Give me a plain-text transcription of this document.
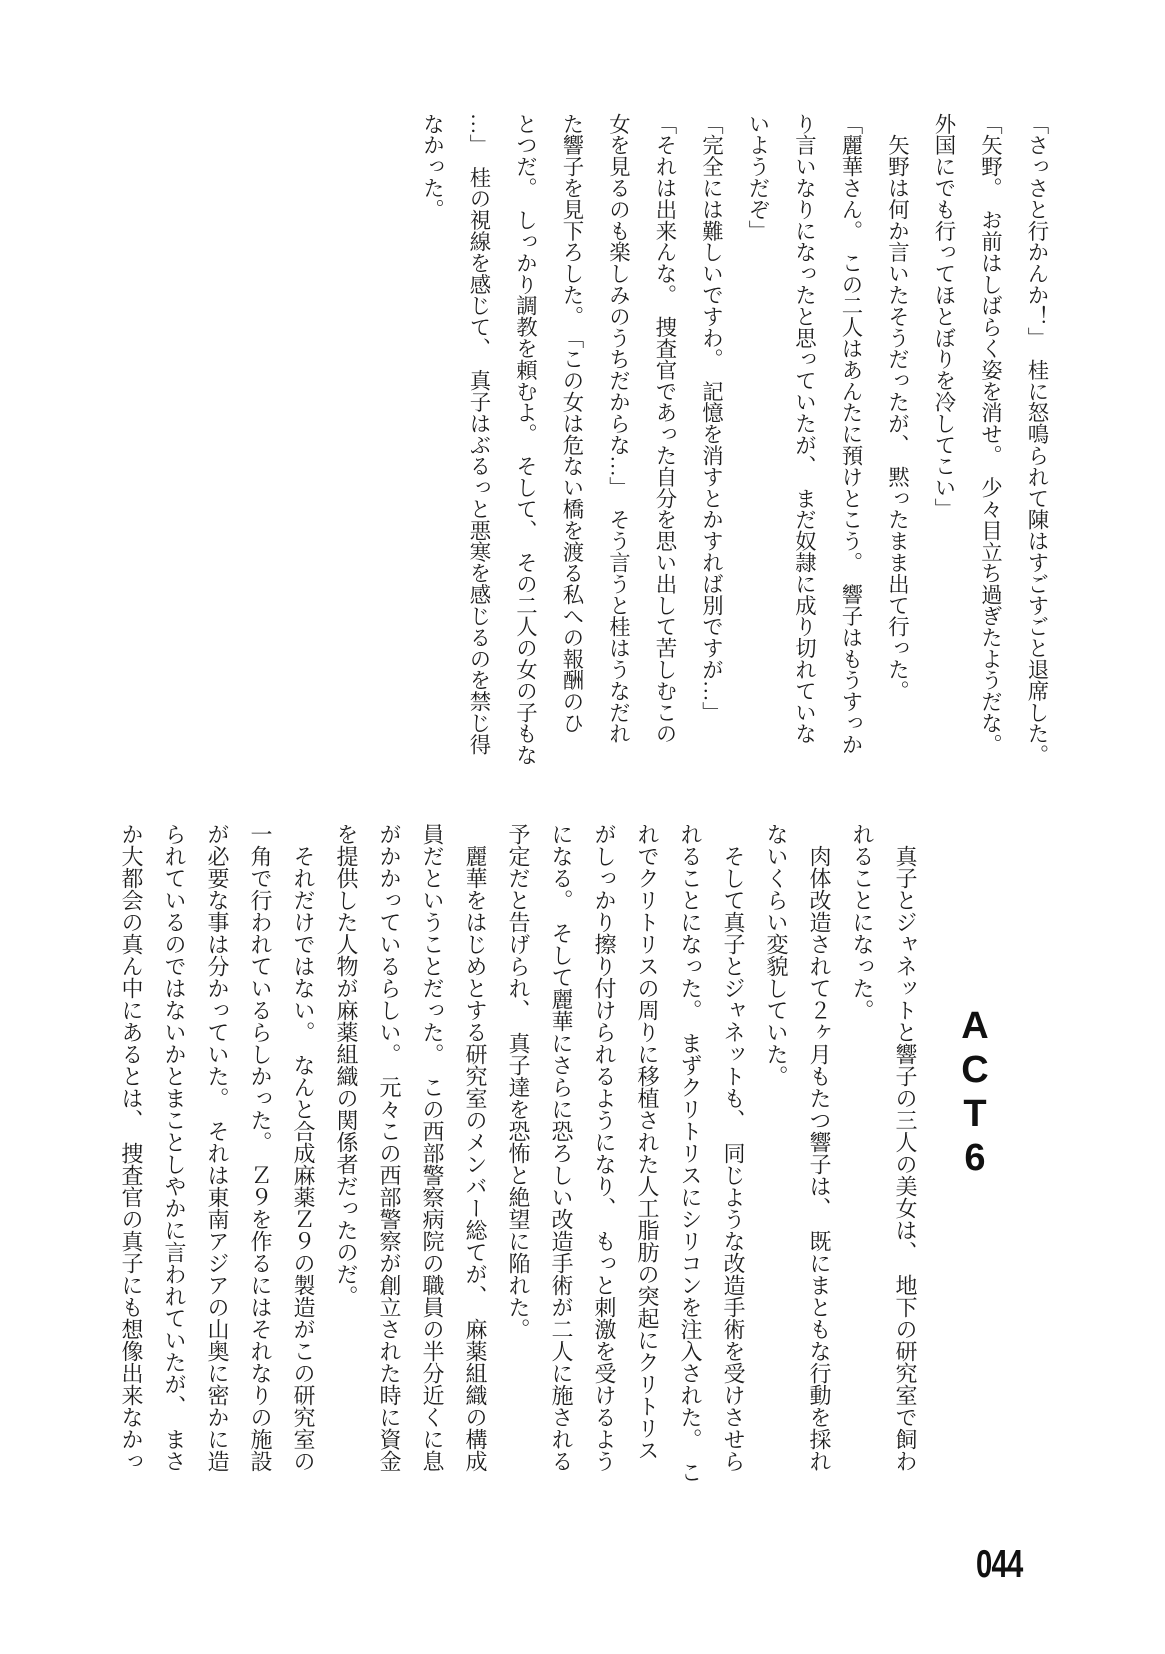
「さっさと行かんか！」　桂に怒鳴られて陳はすごすごと退席した。

「矢野。　お前はしばらく姿を消せ。　少々目立ち過ぎたようだな。

外国にでも行ってほとぼりを冷してこい」

　矢野は何か言いたそうだったが、　黙ったまま出て行った。

「麗華さん。　この二人はあんたに預けとこう。　響子はもうすっか

り言いなりになったと思っていたが、　まだ奴隷に成り切れていな

いようだぞ」

「完全には難しいですわ。　記憶を消すとかすれば別ですが…」

「それは出来んな。　捜査官であった自分を思い出して苦しむこの

女を見るのも楽しみのうちだからな…」　そう言うと桂はうなだれ

た響子を見下ろした。　「この女は危ない橋を渡る私への報酬のひ

とつだ。　しっかり調教を頼むよ。　そして、　その二人の女の子もな

…」　桂の視線を感じて、　真子はぶるっと悪寒を感じるのを禁じ得

なかった。

ACT6

　真子とジャネットと響子の三人の美女は、　地下の研究室で飼わ

れることになった。

　肉体改造されて２ヶ月もたつ響子は、　既にまともな行動を採れ

ないくらい変貌していた。

　そして真子とジャネットも、　同じような改造手術を受けさせら

れることになった。　まずクリトリスにシリコンを注入された。　こ

れでクリトリスの周りに移植された人工脂肪の突起にクリトリス

がしっかり擦り付けられるようになり、　もっと刺激を受けるよう

になる。　そして麗華にさらに恐ろしい改造手術が二人に施される

予定だと告げられ、　真子達を恐怖と絶望に陥れた。

　麗華をはじめとする研究室のメンバー総てが、　麻薬組織の構成

員だということだった。　この西部警察病院の職員の半分近くに息

がかかっているらしい。　元々この西部警察が創立された時に資金

を提供した人物が麻薬組織の関係者だったのだ。

　それだけではない。　なんと合成麻薬Ｚ９の製造がこの研究室の

一角で行われているらしかった。　Ｚ９を作るにはそれなりの施設

が必要な事は分かっていた。　それは東南アジアの山奥に密かに造

られているのではないかとまことしやかに言われていたが、　まさ

か大都会の真ん中にあるとは、　捜査官の真子にも想像出来なかっ

044
